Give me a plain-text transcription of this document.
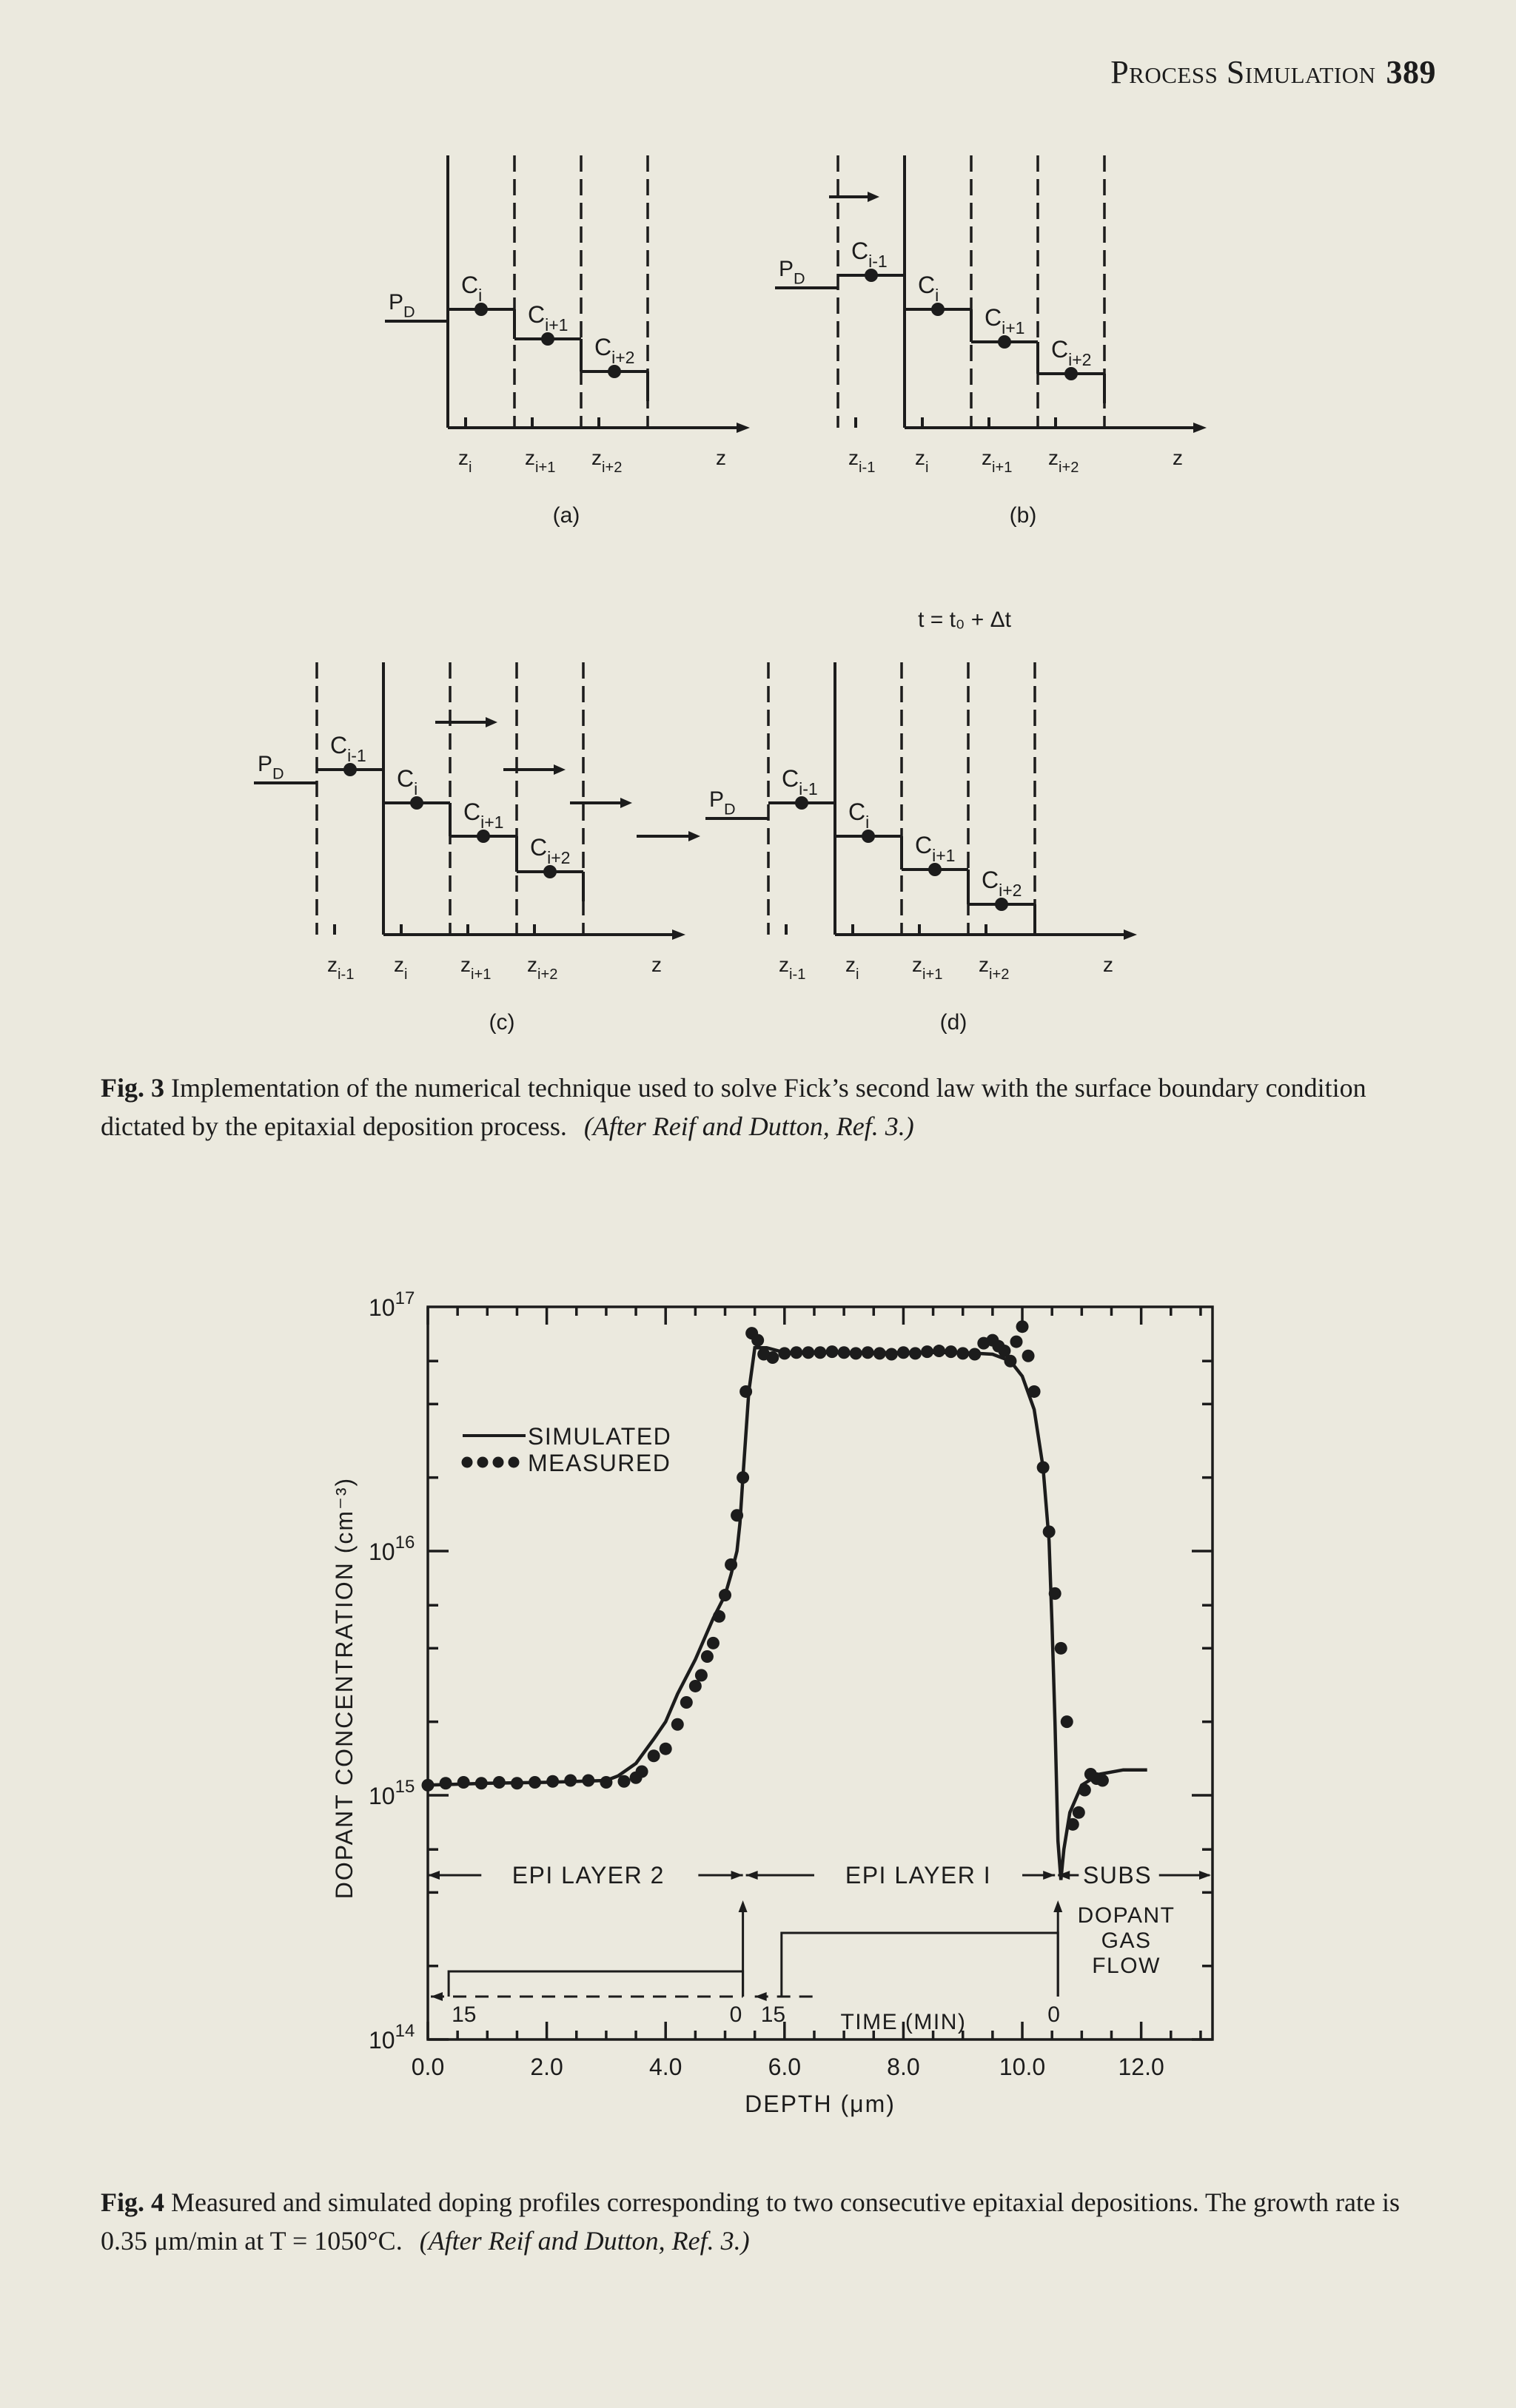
Process Simulation 389
$P_D$
$C_i$
$C_{i+1}$
$C_{i+2}$
$z_i$	$z_{i+1}$ $z_{i+2}$	z
(a)
$P_D$
$C_{i-1}$
$C_i$
$C_{i+1}$
$C_{i+2}$
$z_{i-1}$ $z_i$	$z_{i+1}$ $z_{i+2}$	z
(b)
$P_D$
$C_{i-1}$
$C_i$
$C_{i+1}$
$C_{i+2}$
$z_{i-1}$ $z_i$	$z_{i+1}$ $z_{i+2}$	z
(c)
$P_D$
$C_{i-1}$
$C_i$
$C_{i+1}$
$C_{i+2}$
$z_{i-1}$ $z_i$	$z_{i+1}$ $z_{i+2}$	z
(d)
t = t₀ + Δt
Fig. 3 Implementation of the numerical technique used to solve Fick’s second law with the surface boundary condition dictated by the epitaxial deposition process. (After Reif and Dutton, Ref. 3.)
0.0	2.0	4.0	6.0	8.0	10.0	12.0
DEPTH (μm)
$10^{17}$
$10^{16}$
$10^{15}$
$10^{14}$
DOPANT CONCENTRATION (cm⁻³)
SIMULATED
MEASURED
EPI LAYER 2	EPI LAYER I	SUBS
15	0 15	0
TIME (MIN)
DOPANT
GAS
FLOW
Fig. 4 Measured and simulated doping profiles corresponding to two consecutive epitaxial depositions. The growth rate is 0.35 μm/min at T = 1050°C. (After Reif and Dutton, Ref. 3.)
